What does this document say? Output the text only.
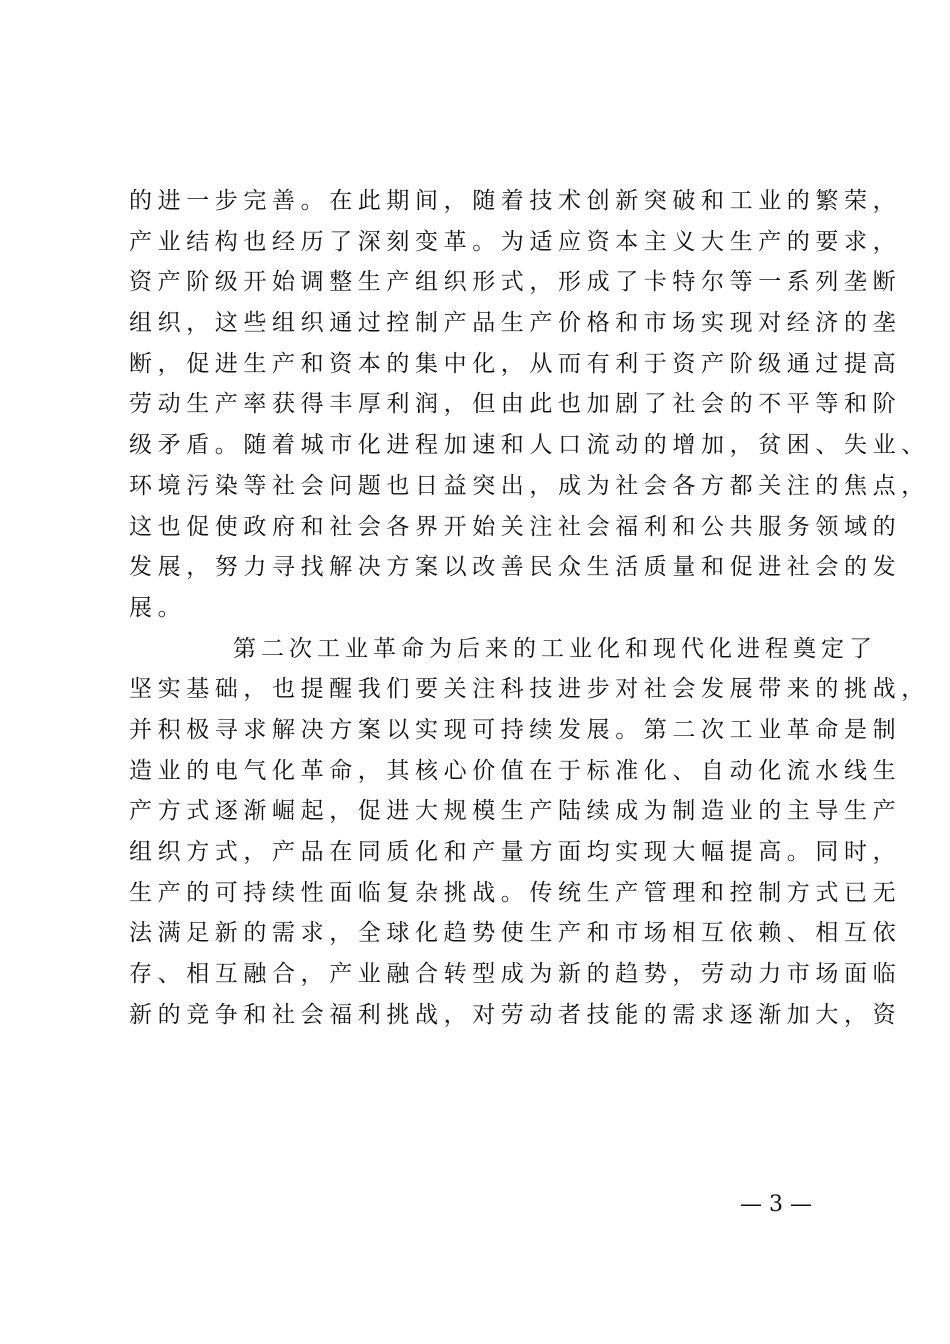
的进一步完善。在此期间，随着技术创新突破和工业的繁荣，
产业结构也经历了深刻变革。为适应资本主义大生产的要求，
资产阶级开始调整生产组织形式，形成了卡特尔等一系列垄断
组织，这些组织通过控制产品生产价格和市场实现对经济的垄
断，促进生产和资本的集中化，从而有利于资产阶级通过提高
劳动生产率获得丰厚利润，但由此也加剧了社会的不平等和阶
级矛盾。随着城市化进程加速和人口流动的增加，贫困、失业、
环境污染等社会问题也日益突出，成为社会各方都关注的焦点，
这也促使政府和社会各界开始关注社会福利和公共服务领域的
发展，努力寻找解决方案以改善民众生活质量和促进社会的发
展。
第二次工业革命为后来的工业化和现代化进程奠定了
坚实基础，也提醒我们要关注科技进步对社会发展带来的挑战，
并积极寻求解决方案以实现可持续发展。第二次工业革命是制
造业的电气化革命，其核心价值在于标准化、自动化流水线生
产方式逐渐崛起，促进大规模生产陆续成为制造业的主导生产
组织方式，产品在同质化和产量方面均实现大幅提高。同时，
生产的可持续性面临复杂挑战。传统生产管理和控制方式已无
法满足新的需求，全球化趋势使生产和市场相互依赖、相互依
存、相互融合，产业融合转型成为新的趋势，劳动力市场面临
新的竞争和社会福利挑战，对劳动者技能的需求逐渐加大，资
— 3 —
